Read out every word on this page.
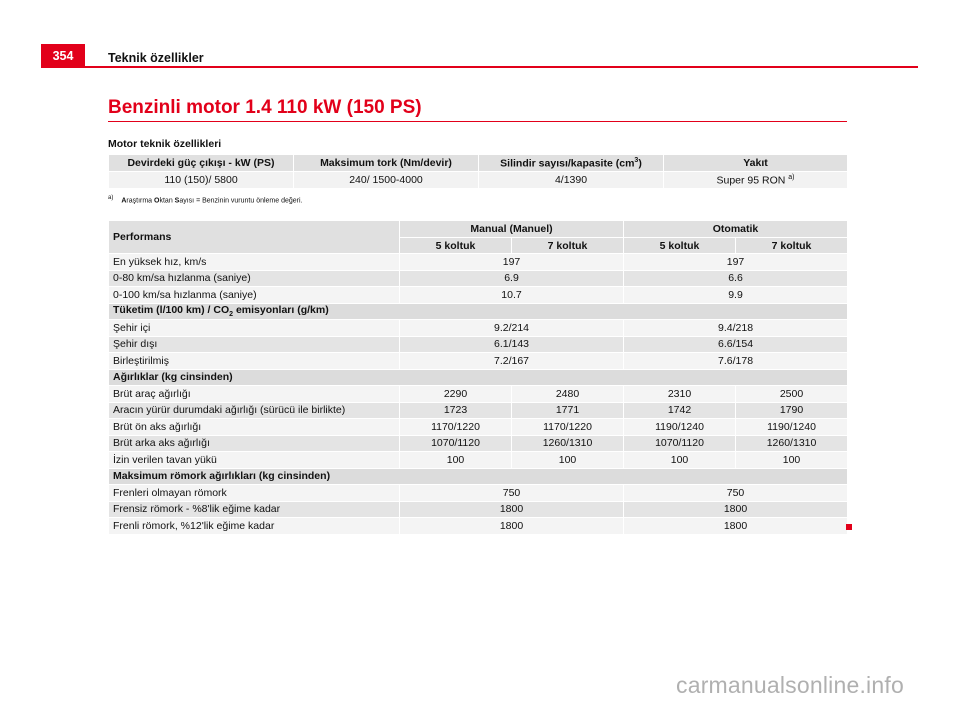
354	Teknik özellikler
Benzinli motor 1.4 110 kW (150 PS)
Motor teknik özellikleri
Devirdeki güç çıkışı - kW (PS)	Maksimum tork (Nm/devir)	Silindir sayısı/kapasite $(cm^3)$	Yakıt
110 (150)/ 5800	240/ 1500-4000	4/1390	Super 95 RON $^{a)}$
$^{a)}$ Araştırma Oktan Sayısı = Benzinin vuruntu önleme değeri.
Performans	Manual (Manuel)		Otomatik	
	5 koltuk	7 koltuk	5 koltuk	7 koltuk
En yüksek hız, km/s	197		197	
0-80 km/sa hızlanma (saniye)	6.9		6.6	
0-100 km/sa hızlanma (saniye)	10.7		9.9	
Tüketim (l/100 $km) / CO_2$ emisyonları (g/km)				
Şehir içi	9.2/214		9.4/218	
Şehir dışı	6.1/143		6.6/154	
Birleştirilmiş	7.2/167		7.6/178	
Ağırlıklar (kg cinsinden)				
Brüt araç ağırlığı	2290	2480	2310	2500
Aracın yürür durumdaki ağırlığı (sürücü ile birlikte)	1723	1771	1742	1790
Brüt ön aks ağırlığı	1170/1220	1170/1220	1190/1240	1190/1240
Brüt arka aks ağırlığı	1070/1120	1260/1310	1070/1120	1260/1310
İzin verilen tavan yükü	100	100	100	100
Maksimum römork ağırlıkları (kg cinsinden)				
Frenleri olmayan römork	750		750	
Frensiz römork - %8'lik eğime kadar	1800		1800	
Frenli römork, %12'lik eğime kadar	1800		1800	
carmanualsonline.info
